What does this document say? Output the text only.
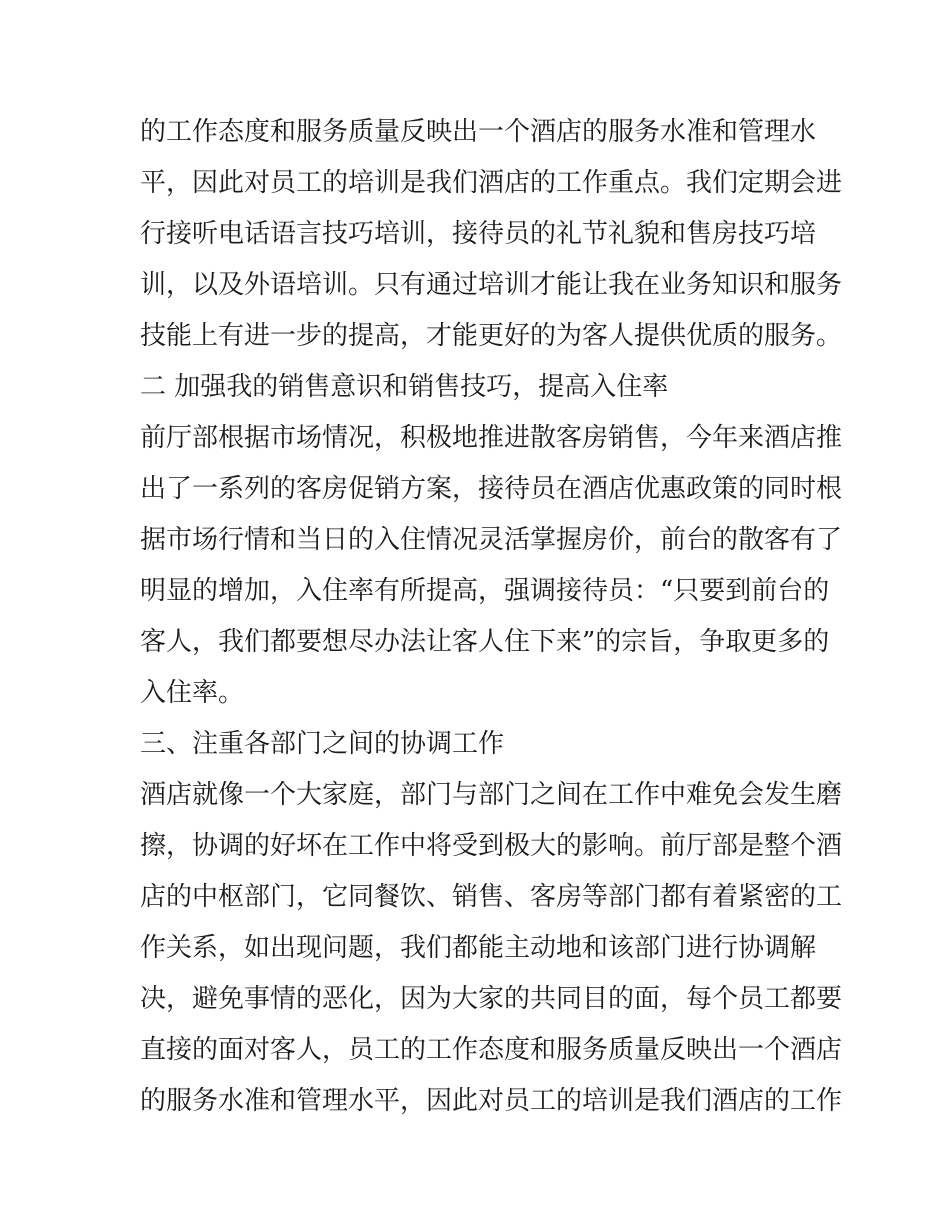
的工作态度和服务质量反映出一个酒店的服务水准和管理水
平，因此对员工的培训是我们酒店的工作重点。我们定期会进
行接听电话语言技巧培训，接待员的礼节礼貌和售房技巧培
训，以及外语培训。只有通过培训才能让我在业务知识和服务
技能上有进一步的提高，才能更好的为客人提供优质的服务。
二 加强我的销售意识和销售技巧，提高入住率
前厅部根据市场情况，积极地推进散客房销售，今年来酒店推
出了一系列的客房促销方案，接待员在酒店优惠政策的同时根
据市场行情和当日的入住情况灵活掌握房价，前台的散客有了
明显的增加，入住率有所提高，强调接待员：“只要到前台的
客人，我们都要想尽办法让客人住下来”的宗旨，争取更多的
入住率。
三、注重各部门之间的协调工作
酒店就像一个大家庭，部门与部门之间在工作中难免会发生磨
擦，协调的好坏在工作中将受到极大的影响。前厅部是整个酒
店的中枢部门，它同餐饮、销售、客房等部门都有着紧密的工
作关系，如出现问题，我们都能主动地和该部门进行协调解
决，避免事情的恶化，因为大家的共同目的面，每个员工都要
直接的面对客人，员工的工作态度和服务质量反映出一个酒店
的服务水准和管理水平，因此对员工的培训是我们酒店的工作
